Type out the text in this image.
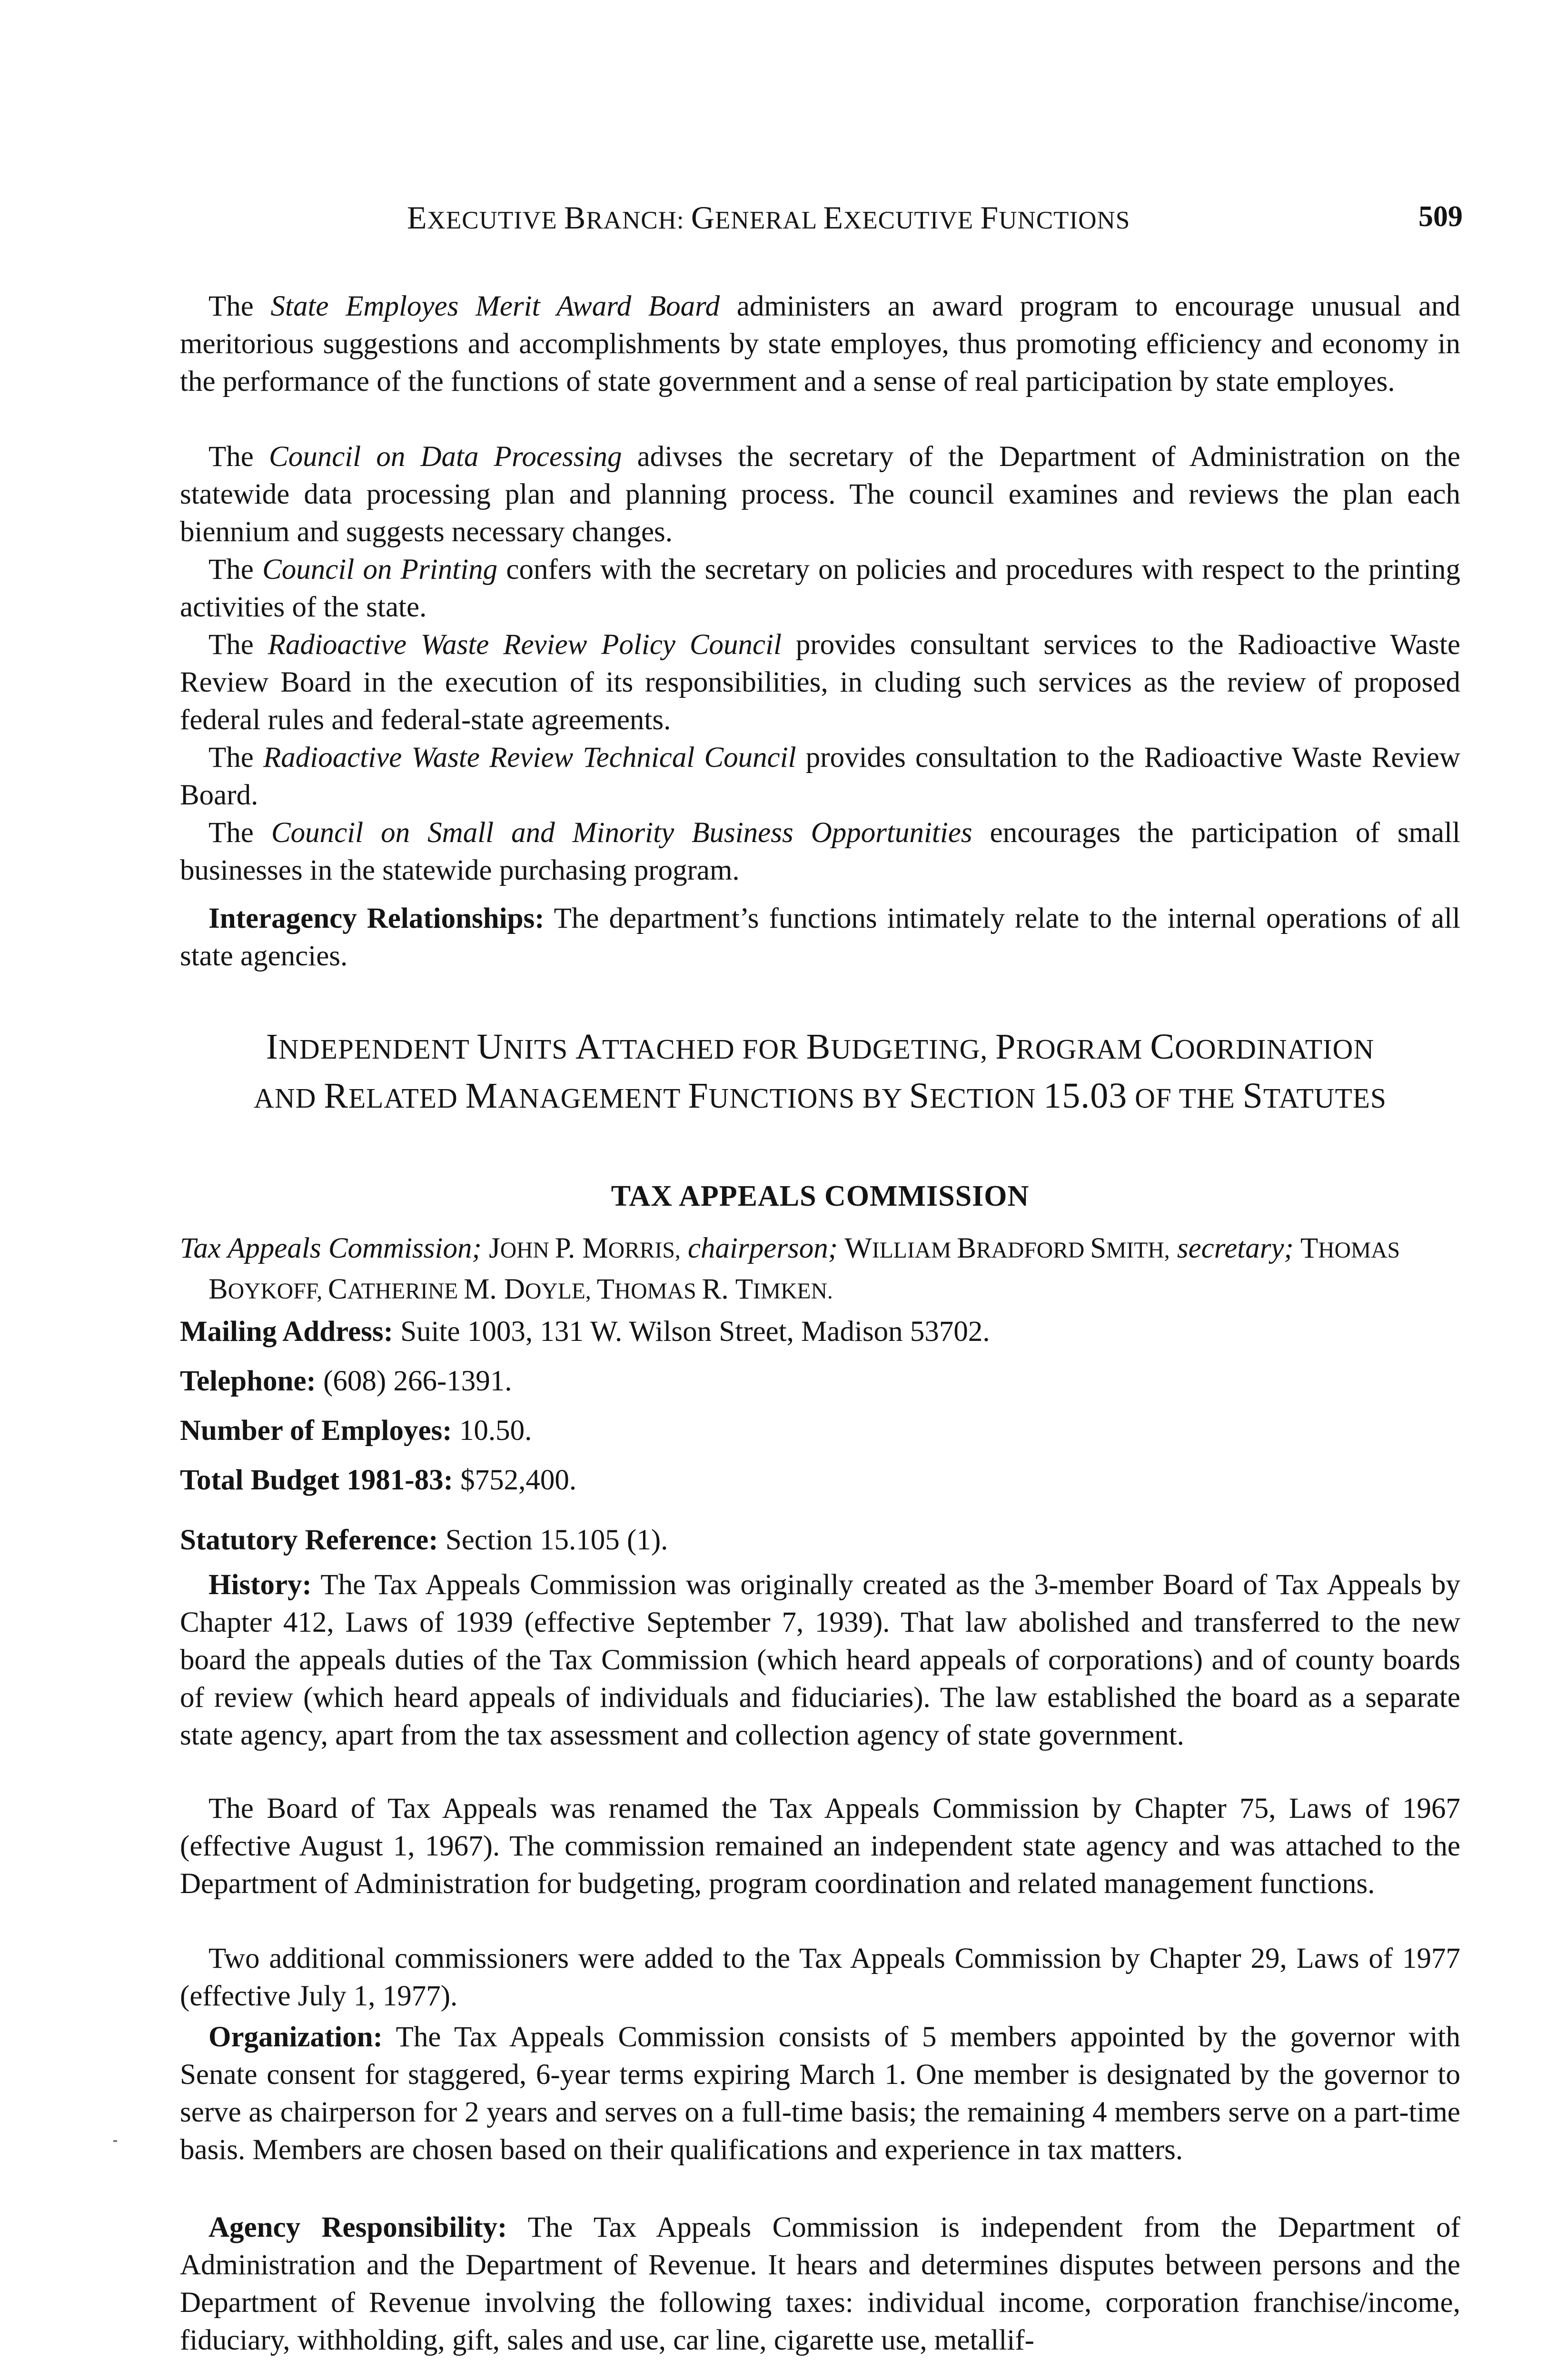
EXECUTIVE BRANCH: GENERAL EXECUTIVE FUNCTIONS	509

The State Employes Merit Award Board administers an award program to encourage unusual and meritorious suggestions and accomplishments by state employes, thus promoting efficiency and economy in the performance of the functions of state government and a sense of real participation by state employes.

The Council on Data Processing adivses the secretary of the Department of Administration on the statewide data processing plan and planning process. The council examines and reviews the plan each biennium and suggests necessary changes.

The Council on Printing confers with the secretary on policies and procedures with respect to the printing activities of the state.

The Radioactive Waste Review Policy Council provides consultant services to the Radioactive Waste Review Board in the execution of its responsibilities, in cluding such services as the review of proposed federal rules and federal-state agreements.

The Radioactive Waste Review Technical Council provides consultation to the Radioactive Waste Review Board.

The Council on Small and Minority Business Opportunities encourages the participation of small businesses in the statewide purchasing program.

Interagency Relationships: The department’s functions intimately relate to the internal operations of all state agencies.

INDEPENDENT UNITS ATTACHED FOR BUDGETING, PROGRAM COORDINATION
AND RELATED MANAGEMENT FUNCTIONS BY SECTION 15.03 OF THE STATUTES
TAX APPEALS COMMISSION

Tax Appeals Commission; JOHN P. MORRIS, chairperson; WILLIAM BRADFORD SMITH, secretary; THOMAS BOYKOFF, CATHERINE M. DOYLE, THOMAS R. TIMKEN.

Mailing Address: Suite 1003, 131 W. Wilson Street, Madison 53702.

Telephone: (608) 266-1391.

Number of Employes: 10.50.

Total Budget 1981-83: $752,400.

Statutory Reference: Section 15.105 (1).

History: The Tax Appeals Commission was originally created as the 3-member Board of Tax Appeals by Chapter 412, Laws of 1939 (effective September 7, 1939). That law abolished and transferred to the new board the appeals duties of the Tax Commission (which heard appeals of corporations) and of county boards of review (which heard appeals of individuals and fiduciaries). The law established the board as a separate state agency, apart from the tax assessment and collection agency of state government.

The Board of Tax Appeals was renamed the Tax Appeals Commission by Chapter 75, Laws of 1967 (effective August 1, 1967). The commission remained an independent state agency and was attached to the Department of Administration for budgeting, program coordination and related management functions.

Two additional commissioners were added to the Tax Appeals Commission by Chapter 29, Laws of 1977 (effective July 1, 1977).

Organization: The Tax Appeals Commission consists of 5 members appointed by the governor with Senate consent for staggered, 6-year terms expiring March 1. One member is designated by the governor to serve as chairperson for 2 years and serves on a full-time basis; the remaining 4 members serve on a part-time basis. Members are chosen based on their qualifications and experience in tax matters.

Agency Responsibility: The Tax Appeals Commission is independent from the Department of Administration and the Department of Revenue. It hears and determines disputes between persons and the Department of Revenue involving the following taxes: individual income, corporation franchise/income, fiduciary, withholding, gift, sales and use, car line, cigarette use, metallif-
